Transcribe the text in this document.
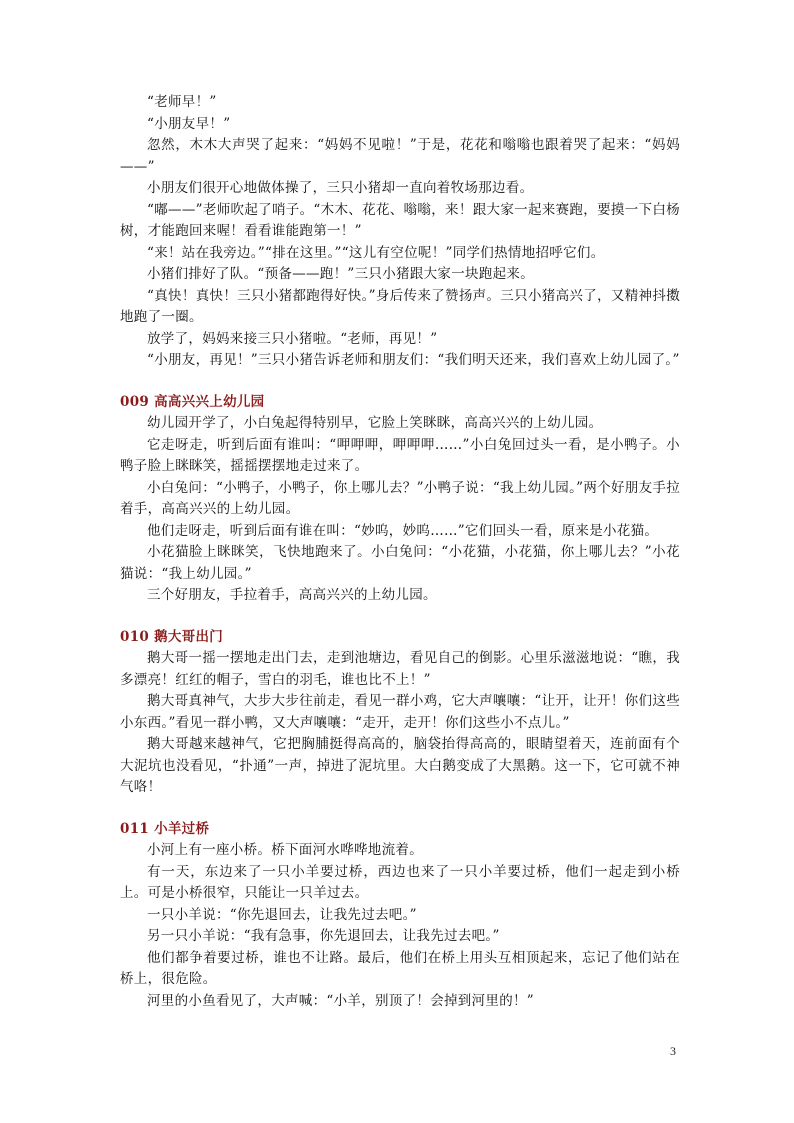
“老师早！”

“小朋友早！”

忽然，木木大声哭了起来：“妈妈不见啦！”于是，花花和嗡嗡也跟着哭了起来：“妈妈——”

小朋友们很开心地做体操了，三只小猪却一直向着牧场那边看。

“嘟——”老师吹起了哨子。“木木、花花、嗡嗡，来！跟大家一起来赛跑，要摸一下白杨树，才能跑回来喔！看看谁能跑第一！”

“来！站在我旁边。”“排在这里。”“这儿有空位呢！”同学们热情地招呼它们。

小猪们排好了队。“预备——跑！”三只小猪跟大家一块跑起来。

“真快！真快！三只小猪都跑得好快。”身后传来了赞扬声。三只小猪高兴了，又精神抖擞地跑了一圈。

放学了，妈妈来接三只小猪啦。“老师，再见！”

“小朋友，再见！”三只小猪告诉老师和朋友们：“我们明天还来，我们喜欢上幼儿园了。”

009 高高兴兴上幼儿园

幼儿园开学了，小白兔起得特别早，它脸上笑眯眯，高高兴兴的上幼儿园。

它走呀走，听到后面有谁叫：“呷呷呷，呷呷呷……”小白兔回过头一看，是小鸭子。小鸭子脸上眯眯笑，摇摇摆摆地走过来了。

小白兔问：“小鸭子，小鸭子，你上哪儿去？”小鸭子说：“我上幼儿园。”两个好朋友手拉着手，高高兴兴的上幼儿园。

他们走呀走，听到后面有谁在叫：“妙呜，妙呜……”它们回头一看，原来是小花猫。

小花猫脸上眯眯笑，飞快地跑来了。小白兔问：“小花猫，小花猫，你上哪儿去？”小花猫说：“我上幼儿园。”

三个好朋友，手拉着手，高高兴兴的上幼儿园。

010 鹅大哥出门

鹅大哥一摇一摆地走出门去，走到池塘边，看见自己的倒影。心里乐滋滋地说：“瞧，我多漂亮！红红的帽子，雪白的羽毛，谁也比不上！”

鹅大哥真神气，大步大步往前走，看见一群小鸡，它大声嚷嚷：“让开，让开！你们这些小东西。”看见一群小鸭，又大声嚷嚷：“走开，走开！你们这些小不点儿。”

鹅大哥越来越神气，它把胸脯挺得高高的，脑袋抬得高高的，眼睛望着天，连前面有个大泥坑也没看见，“扑通”一声，掉进了泥坑里。大白鹅变成了大黑鹅。这一下，它可就不神气咯！

011 小羊过桥

小河上有一座小桥。桥下面河水哗哗地流着。

有一天，东边来了一只小羊要过桥，西边也来了一只小羊要过桥，他们一起走到小桥上。可是小桥很窄，只能让一只羊过去。

一只小羊说：“你先退回去，让我先过去吧。”

另一只小羊说：“我有急事，你先退回去，让我先过去吧。”

他们都争着要过桥，谁也不让路。最后，他们在桥上用头互相顶起来，忘记了他们站在桥上，很危险。

河里的小鱼看见了，大声喊：“小羊，别顶了！会掉到河里的！”

3
